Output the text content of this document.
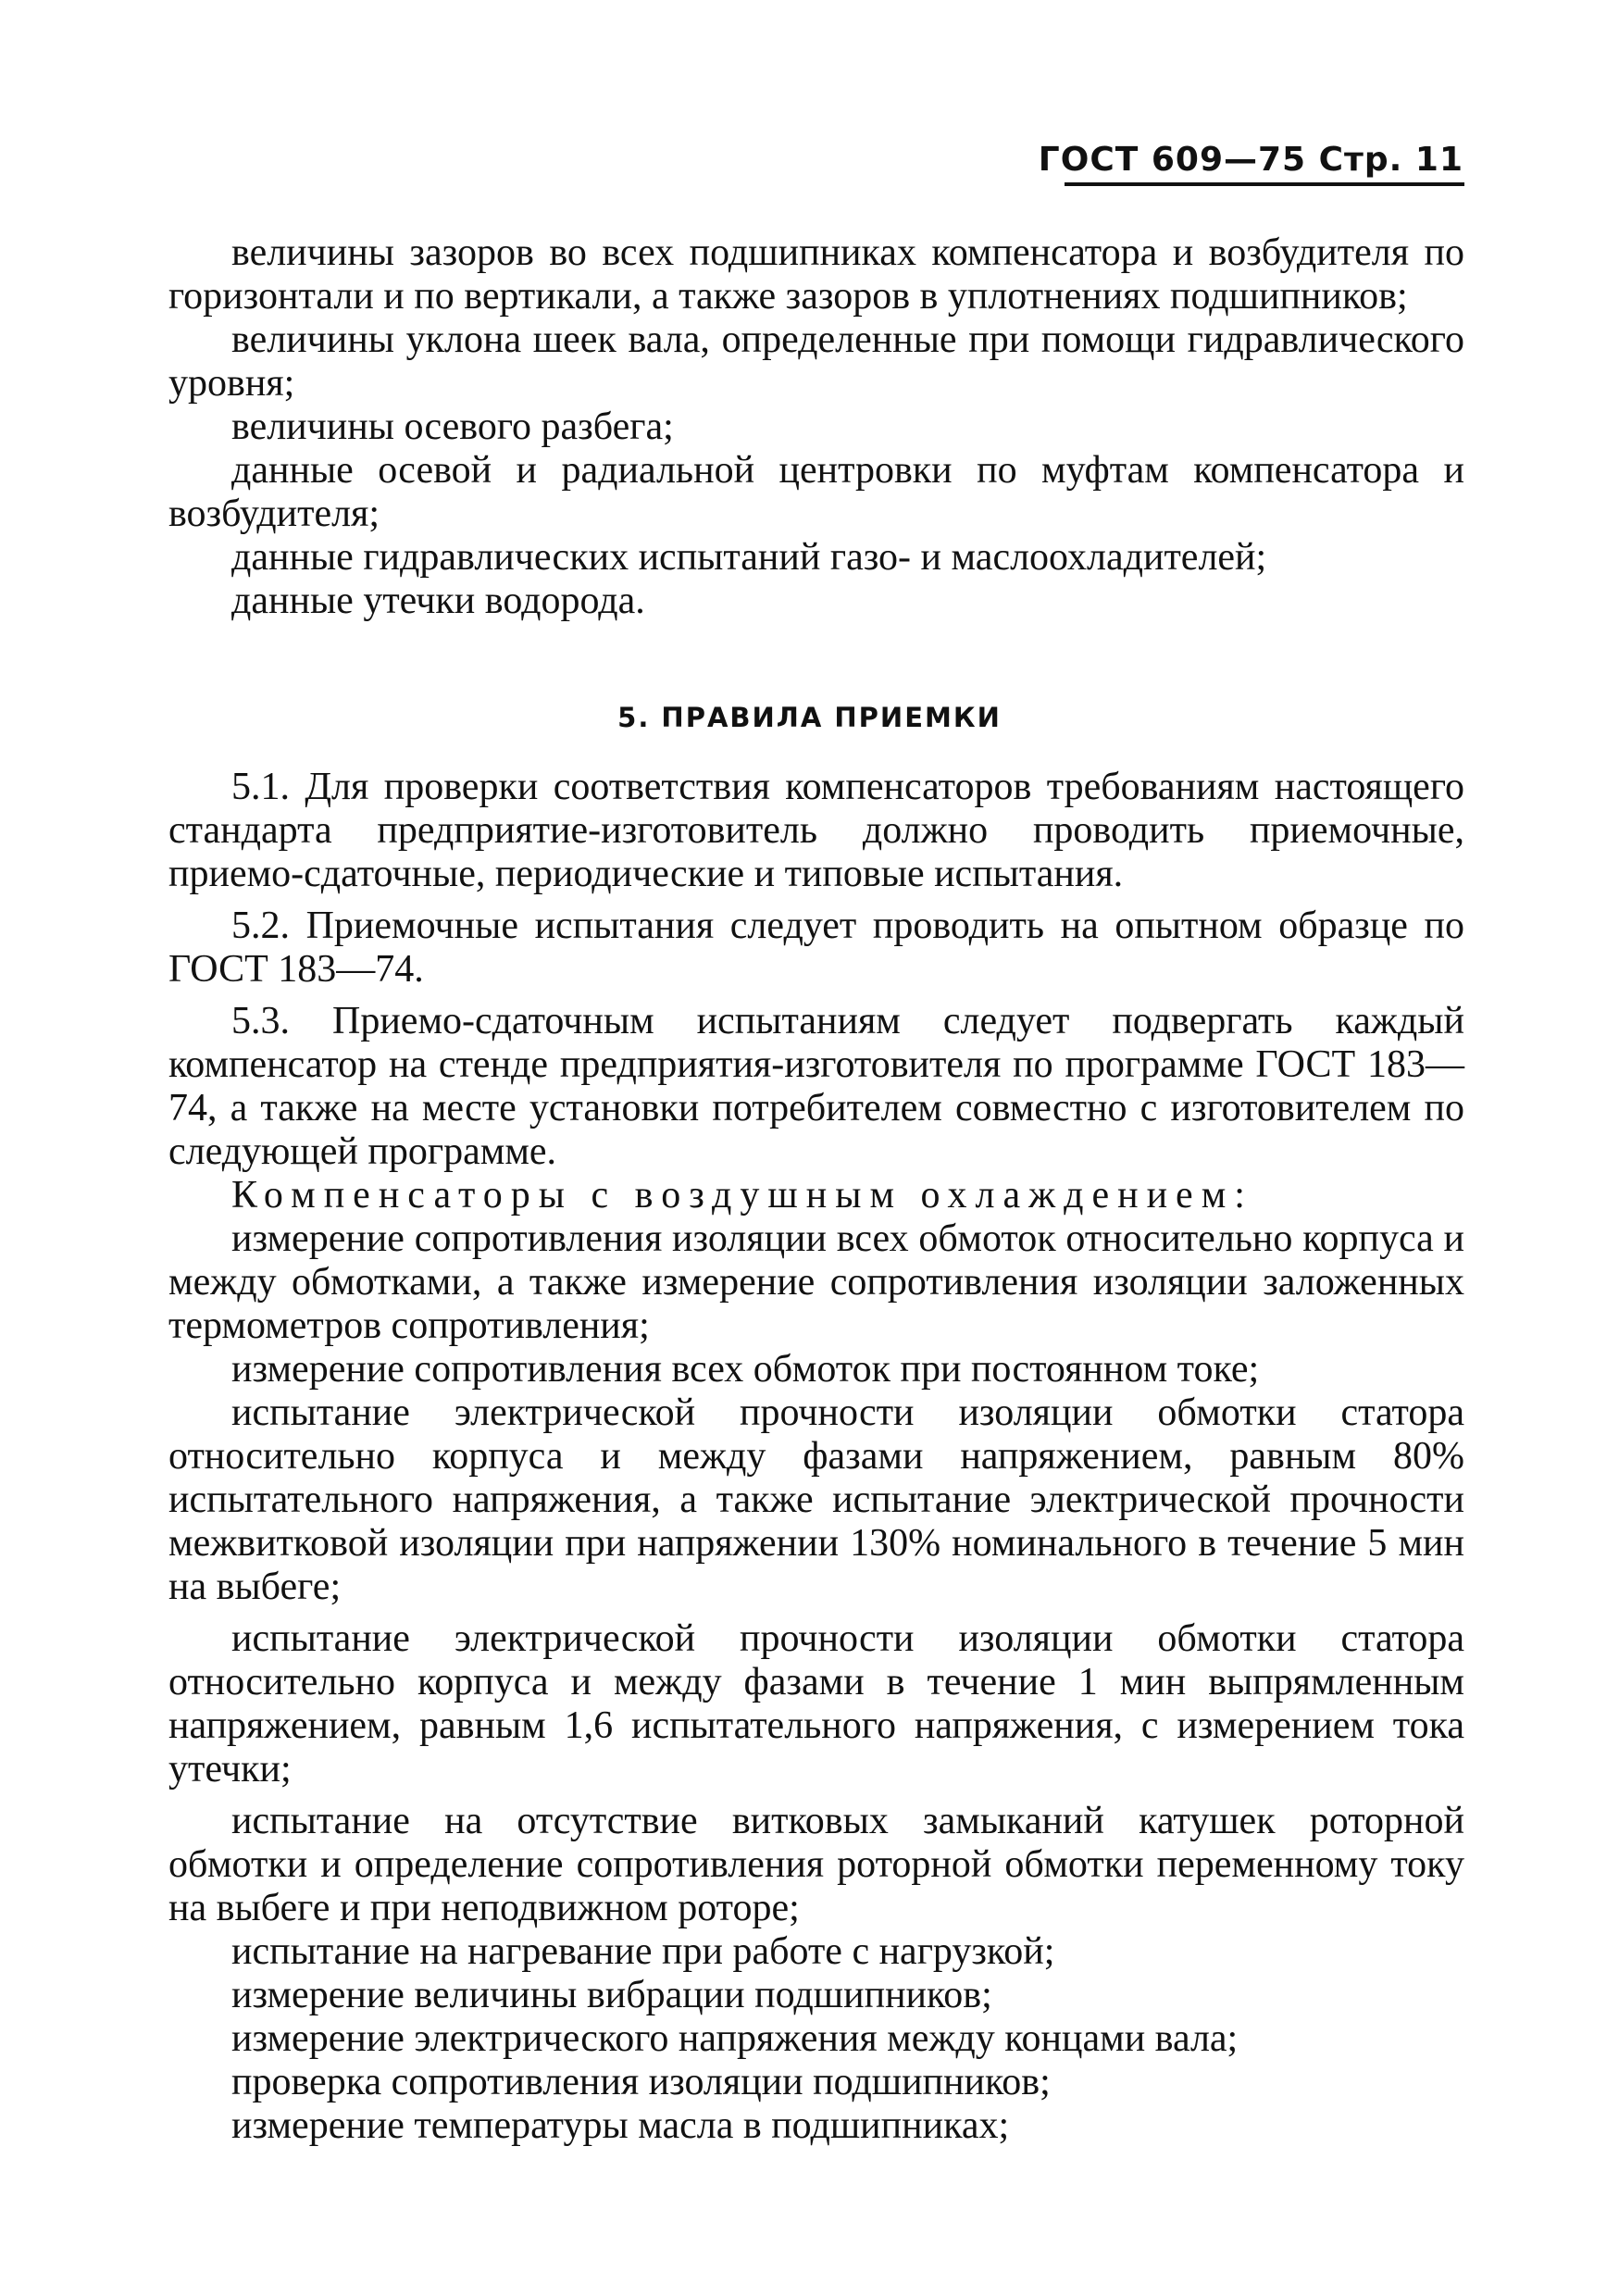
ГОСТ 609—75 Стр. 11

величины зазоров во всех подшипниках компенсатора и возбудителя по горизонтали и по вертикали, а также зазоров в уплотнениях подшипников;

величины уклона шеек вала, определенные при помощи гидравлического уровня;

величины осевого разбега;

данные осевой и радиальной центровки по муфтам компенсатора и возбудителя;

данные гидравлических испытаний газо- и маслоохладителей;

данные утечки водорода.

5. ПРАВИЛА ПРИЕМКИ

5.1. Для проверки соответствия компенсаторов требованиям настоящего стандарта предприятие-изготовитель должно проводить приемочные, приемо-сдаточные, периодические и типовые испытания.

5.2. Приемочные испытания следует проводить на опытном образце по ГОСТ 183—74.

5.3. Приемо-сдаточным испытаниям следует подвергать каждый компенсатор на стенде предприятия-изготовителя по программе ГОСТ 183—74, а также на месте установки потребителем совместно с изготовителем по следующей программе.

Компенсаторы с воздушным охлаждением:

измерение сопротивления изоляции всех обмоток относительно корпуса и между обмотками, а также измерение сопротивления изоляции заложенных термометров сопротивления;

измерение сопротивления всех обмоток при постоянном токе;

испытание электрической прочности изоляции обмотки статора относительно корпуса и между фазами напряжением, равным 80% испытательного напряжения, а также испытание электрической прочности межвитковой изоляции при напряжении 130% номинального в течение 5 мин на выбеге;

испытание электрической прочности изоляции обмотки статора относительно корпуса и между фазами в течение 1 мин выпрямленным напряжением, равным 1,6 испытательного напряжения, с измерением тока утечки;

испытание на отсутствие витковых замыканий катушек роторной обмотки и определение сопротивления роторной обмотки переменному току на выбеге и при неподвижном роторе;

испытание на нагревание при работе с нагрузкой;

измерение величины вибрации подшипников;

измерение электрического напряжения между концами вала;

проверка сопротивления изоляции подшипников;

измерение температуры масла в подшипниках;
